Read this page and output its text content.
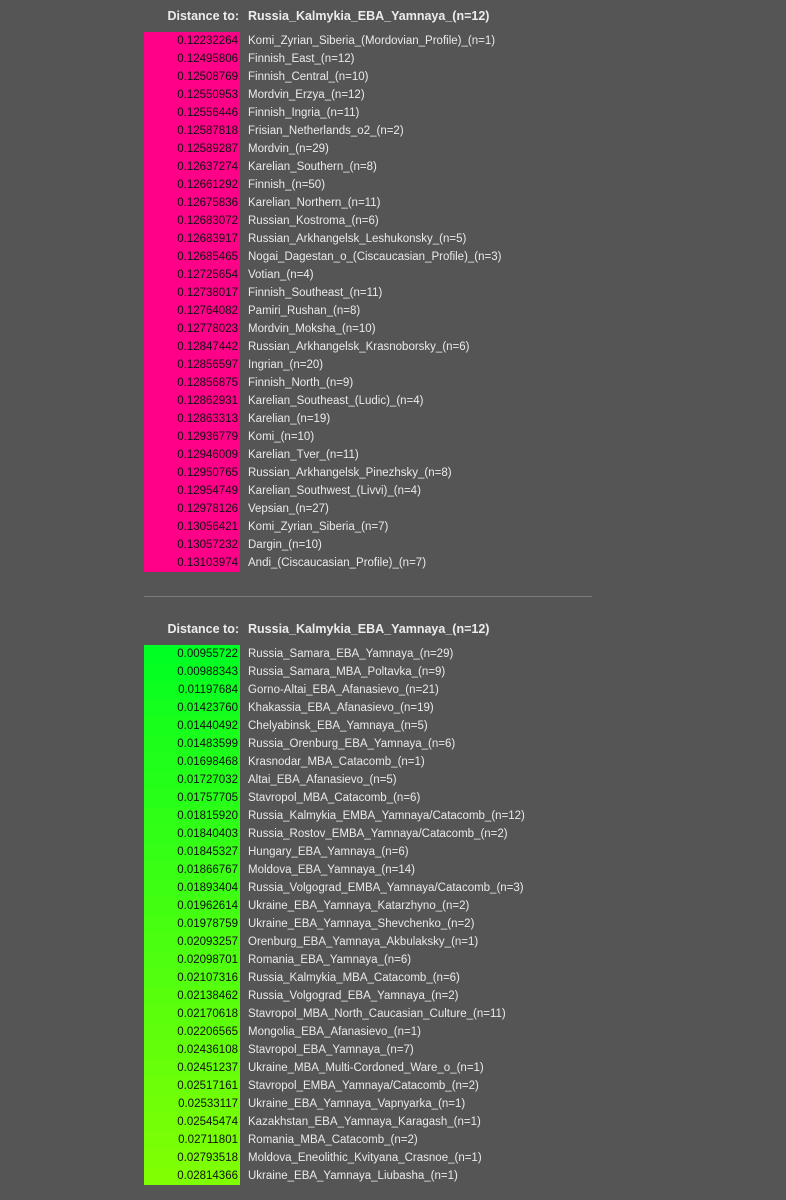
Distance to: Russia_Kalmykia_EBA_Yamnaya_(n=12)
0.12232264 Komi_Zyrian_Siberia_(Mordovian_Profile)_(n=1)
0.12495806 Finnish_East_(n=12)
0.12508769 Finnish_Central_(n=10)
0.12550953 Mordvin_Erzya_(n=12)
0.12556446 Finnish_Ingria_(n=11)
0.12587818 Frisian_Netherlands_o2_(n=2)
0.12589287 Mordvin_(n=29)
0.12637274 Karelian_Southern_(n=8)
0.12661292 Finnish_(n=50)
0.12675836 Karelian_Northern_(n=11)
0.12683072 Russian_Kostroma_(n=6)
0.12683917 Russian_Arkhangelsk_Leshukonsky_(n=5)
0.12685465 Nogai_Dagestan_o_(Ciscaucasian_Profile)_(n=3)
0.12725654 Votian_(n=4)
0.12738017 Finnish_Southeast_(n=11)
0.12764082 Pamiri_Rushan_(n=8)
0.12778023 Mordvin_Moksha_(n=10)
0.12847442 Russian_Arkhangelsk_Krasnoborsky_(n=6)
0.12856597 Ingrian_(n=20)
0.12856875 Finnish_North_(n=9)
0.12862931 Karelian_Southeast_(Ludic)_(n=4)
0.12863313 Karelian_(n=19)
0.12936779 Komi_(n=10)
0.12946009 Karelian_Tver_(n=11)
0.12950765 Russian_Arkhangelsk_Pinezhsky_(n=8)
0.12954749 Karelian_Southwest_(Livvi)_(n=4)
0.12978126 Vepsian_(n=27)
0.13056421 Komi_Zyrian_Siberia_(n=7)
0.13057232 Dargin_(n=10)
0.13103974 Andi_(Ciscaucasian_Profile)_(n=7)
Distance to: Russia_Kalmykia_EBA_Yamnaya_(n=12)
0.00955722 Russia_Samara_EBA_Yamnaya_(n=29)
0.00988343 Russia_Samara_MBA_Poltavka_(n=9)
0.01197684 Gorno-Altai_EBA_Afanasievo_(n=21)
0.01423760 Khakassia_EBA_Afanasievo_(n=19)
0.01440492 Chelyabinsk_EBA_Yamnaya_(n=5)
0.01483599 Russia_Orenburg_EBA_Yamnaya_(n=6)
0.01698468 Krasnodar_MBA_Catacomb_(n=1)
0.01727032 Altai_EBA_Afanasievo_(n=5)
0.01757705 Stavropol_MBA_Catacomb_(n=6)
0.01815920 Russia_Kalmykia_EMBA_Yamnaya/Catacomb_(n=12)
0.01840403 Russia_Rostov_EMBA_Yamnaya/Catacomb_(n=2)
0.01845327 Hungary_EBA_Yamnaya_(n=6)
0.01866767 Moldova_EBA_Yamnaya_(n=14)
0.01893404 Russia_Volgograd_EMBA_Yamnaya/Catacomb_(n=3)
0.01962614 Ukraine_EBA_Yamnaya_Katarzhyno_(n=2)
0.01978759 Ukraine_EBA_Yamnaya_Shevchenko_(n=2)
0.02093257 Orenburg_EBA_Yamnaya_Akbulaksky_(n=1)
0.02098701 Romania_EBA_Yamnaya_(n=6)
0.02107316 Russia_Kalmykia_MBA_Catacomb_(n=6)
0.02138462 Russia_Volgograd_EBA_Yamnaya_(n=2)
0.02170618 Stavropol_MBA_North_Caucasian_Culture_(n=11)
0.02206565 Mongolia_EBA_Afanasievo_(n=1)
0.02436108 Stavropol_EBA_Yamnaya_(n=7)
0.02451237 Ukraine_MBA_Multi-Cordoned_Ware_o_(n=1)
0.02517161 Stavropol_EMBA_Yamnaya/Catacomb_(n=2)
0.02533117 Ukraine_EBA_Yamnaya_Vapnyarka_(n=1)
0.02545474 Kazakhstan_EBA_Yamnaya_Karagash_(n=1)
0.02711801 Romania_MBA_Catacomb_(n=2)
0.02793518 Moldova_Eneolithic_Kvityana_Crasnoe_(n=1)
0.02814366 Ukraine_EBA_Yamnaya_Liubasha_(n=1)
